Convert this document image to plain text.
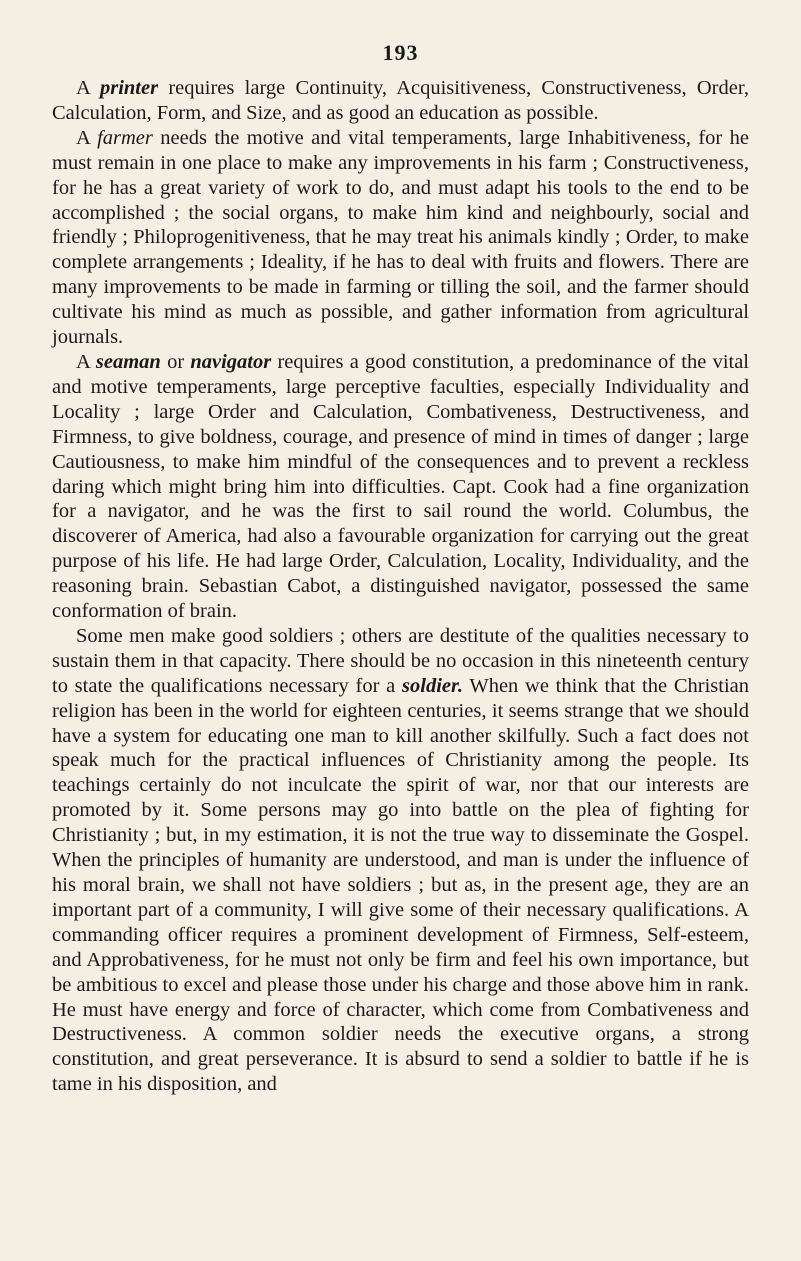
193

A printer requires large Continuity, Acquisitiveness, Constructiveness, Order, Calculation, Form, and Size, and as good an education as possible.

A farmer needs the motive and vital temperaments, large Inhabitiveness, for he must remain in one place to make any improvements in his farm ; Constructiveness, for he has a great variety of work to do, and must adapt his tools to the end to be accomplished ; the social organs, to make him kind and neighbourly, social and friendly ; Philoprogenitiveness, that he may treat his animals kindly ; Order, to make complete arrangements ; Ideality, if he has to deal with fruits and flowers. There are many improvements to be made in farming or tilling the soil, and the farmer should cultivate his mind as much as possible, and gather information from agricultural journals.

A seaman or navigator requires a good constitution, a predominance of the vital and motive temperaments, large perceptive faculties, especially Individuality and Locality ; large Order and Calculation, Combativeness, Destructiveness, and Firmness, to give boldness, courage, and presence of mind in times of danger ; large Cautiousness, to make him mindful of the consequences and to prevent a reckless daring which might bring him into difficulties. Capt. Cook had a fine organization for a navigator, and he was the first to sail round the world. Columbus, the discoverer of America, had also a favourable organization for carrying out the great purpose of his life. He had large Order, Calculation, Locality, Individuality, and the reasoning brain. Sebastian Cabot, a distinguished navigator, possessed the same conformation of brain.

Some men make good soldiers ; others are destitute of the qualities necessary to sustain them in that capacity. There should be no occasion in this nineteenth century to state the qualifications necessary for a soldier. When we think that the Christian religion has been in the world for eighteen centuries, it seems strange that we should have a system for educating one man to kill another skilfully. Such a fact does not speak much for the practical influences of Christianity among the people. Its teachings certainly do not inculcate the spirit of war, nor that our interests are promoted by it. Some persons may go into battle on the plea of fighting for Christianity ; but, in my estimation, it is not the true way to disseminate the Gospel. When the principles of humanity are understood, and man is under the influence of his moral brain, we shall not have soldiers ; but as, in the present age, they are an important part of a community, I will give some of their necessary qualifications. A commanding officer requires a prominent development of Firmness, Self-esteem, and Approbativeness, for he must not only be firm and feel his own importance, but be ambitious to excel and please those under his charge and those above him in rank. He must have energy and force of character, which come from Combativeness and Destructiveness. A common soldier needs the executive organs, a strong constitution, and great perseverance. It is absurd to send a soldier to battle if he is tame in his disposition, and
